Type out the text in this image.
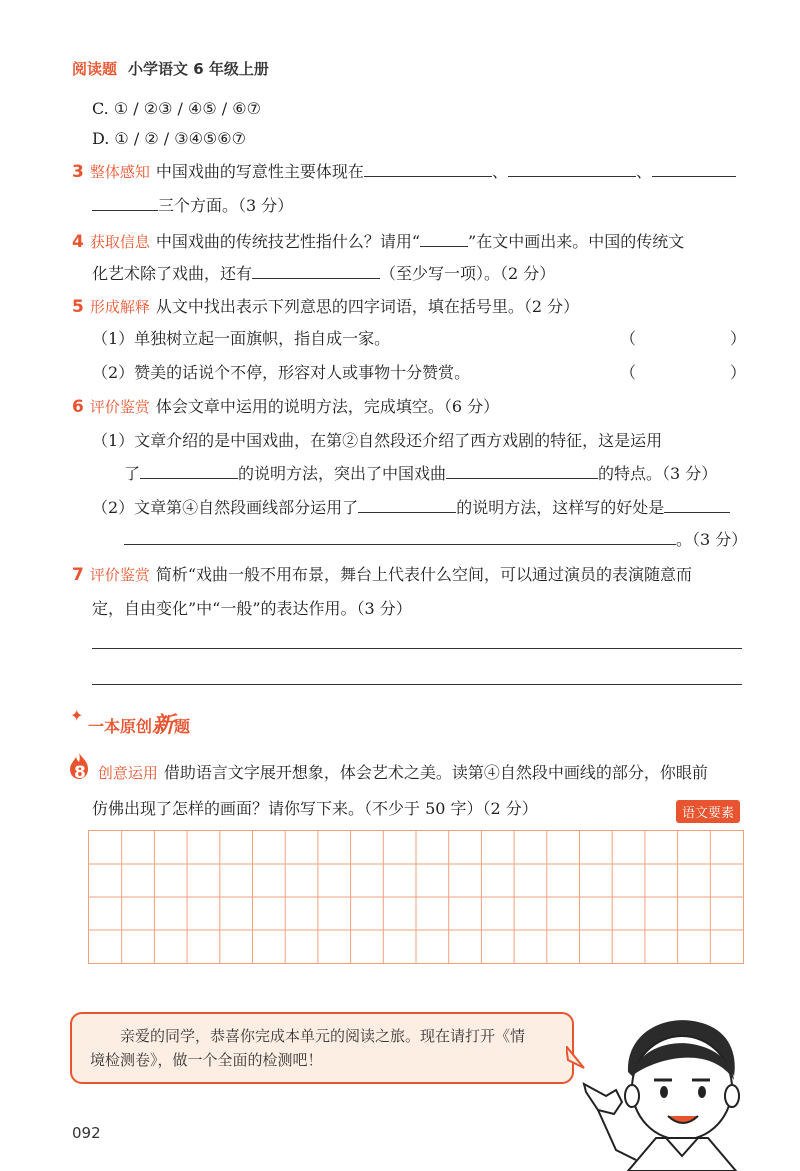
阅读题 小学语文 6 年级上册
C. ① / ②③ / ④⑤ / ⑥⑦
D. ① / ② / ③④⑤⑥⑦
3 整体感知 中国戏曲的写意性主要体现在	、	、
三个方面。（3 分）
4 获取信息 中国戏曲的传统技艺性指什么？请用“	”在文中画出来。中国的传统文
化艺术除了戏曲，还有	（至少写一项）。（2 分）
5 形成解释 从文中找出表示下列意思的四字词语，填在括号里。（2 分）
（1）单独树立起一面旗帜，指自成一家。	（	）
（2）赞美的话说个不停，形容对人或事物十分赞赏。	（	）
6 评价鉴赏 体会文章中运用的说明方法，完成填空。（6 分）
（1）文章介绍的是中国戏曲，在第②自然段还介绍了西方戏剧的特征，这是运用
了	的说明方法，突出了中国戏曲	的特点。（3 分）
（2）文章第④自然段画线部分运用了	的说明方法，这样写的好处是
。（3 分）
7 评价鉴赏 简析“戏曲一般不用布景，舞台上代表什么空间，可以通过演员的表演随意而
定，自由变化”中“一般”的表达作用。（3 分）
✦
一本原创新题
8 创意运用 借助语言文字展开想象，体会艺术之美。读第④自然段中画线的部分，你眼前
仿佛出现了怎样的画面？请你写下来。（不少于 50 字）（2 分）	语文要素
亲爱的同学，恭喜你完成本单元的阅读之旅。现在请打开《情
境检测卷》，做一个全面的检测吧！
092
